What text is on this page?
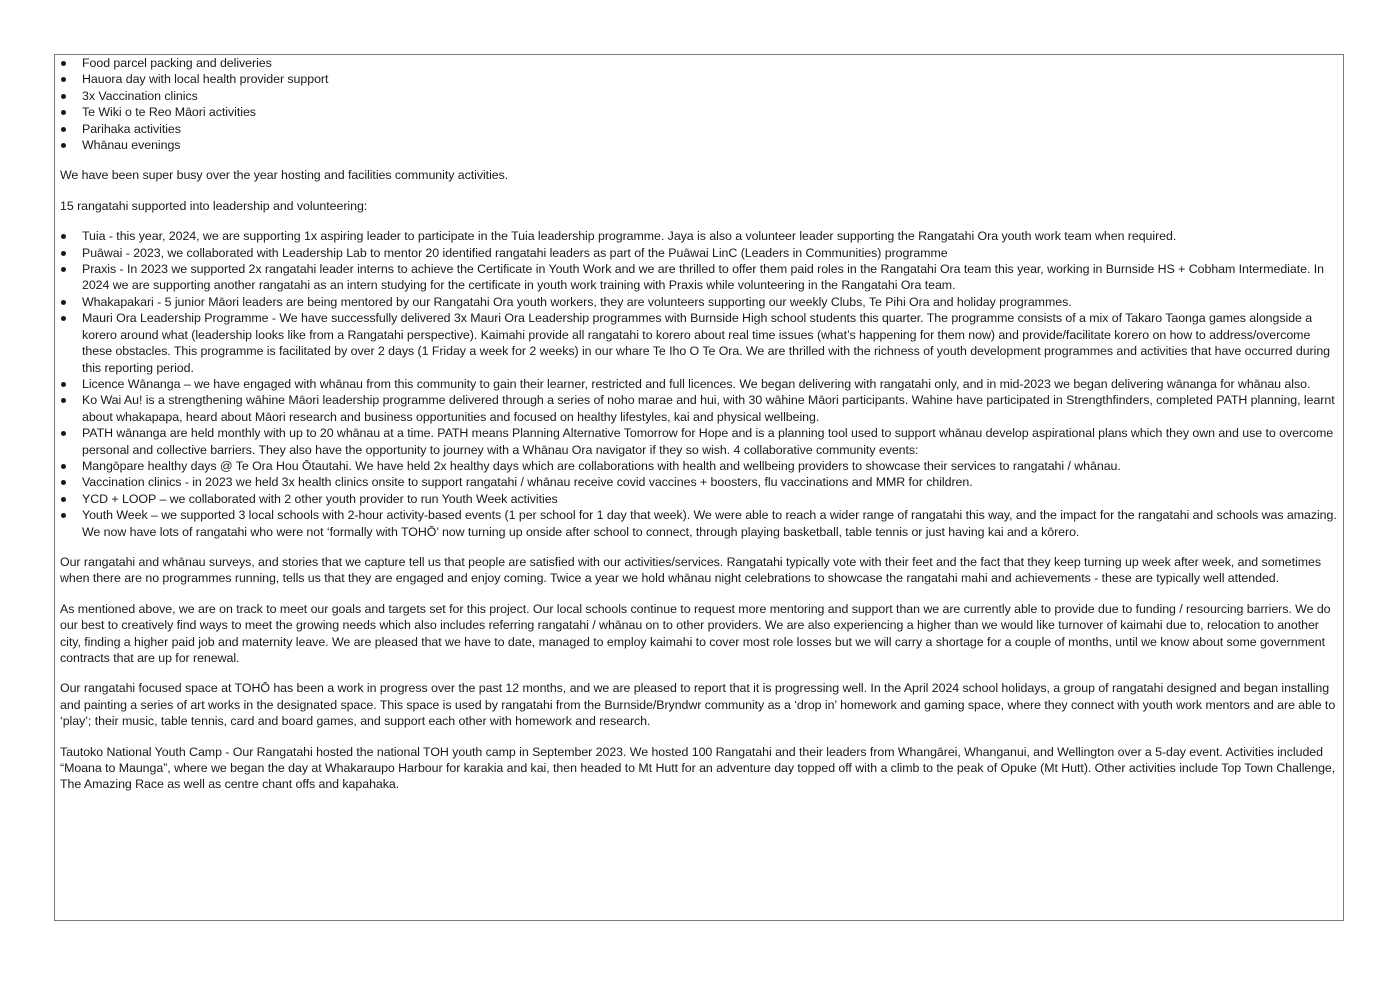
Food parcel packing and deliveries
Hauora day with local health provider support
3x Vaccination clinics
Te Wiki o te Reo Māori activities
Parihaka activities
Whānau evenings

We have been super busy over the year hosting and facilities community activities.

15 rangatahi supported into leadership and volunteering:

Tuia - this year, 2024, we are supporting 1x aspiring leader to participate in the Tuia leadership programme. Jaya is also a volunteer leader supporting the Rangatahi Ora youth work team when required.
Puāwai - 2023, we collaborated with Leadership Lab to mentor 20 identified rangatahi leaders as part of the Puāwai LinC (Leaders in Communities) programme
Praxis - In 2023 we supported 2x rangatahi leader interns to achieve the Certificate in Youth Work and we are thrilled to offer them paid roles in the Rangatahi Ora team this year, working in Burnside HS + Cobham Intermediate. In 2024 we are supporting another rangatahi as an intern studying for the certificate in youth work training with Praxis while volunteering in the Rangatahi Ora team.
Whakapakari - 5 junior Māori leaders are being mentored by our Rangatahi Ora youth workers, they are volunteers supporting our weekly Clubs, Te Pihi Ora and holiday programmes.
Mauri Ora Leadership Programme - We have successfully delivered 3x Mauri Ora Leadership programmes with Burnside High school students this quarter. The programme consists of a mix of Takaro Taonga games alongside a korero around what (leadership looks like from a Rangatahi perspective). Kaimahi provide all rangatahi to korero about real time issues (what’s happening for them now) and provide/facilitate korero on how to address/overcome these obstacles. This programme is facilitated by over 2 days (1 Friday a week for 2 weeks) in our whare Te Iho O Te Ora. We are thrilled with the richness of youth development programmes and activities that have occurred during this reporting period.
Licence Wānanga – we have engaged with whānau from this community to gain their learner, restricted and full licences. We began delivering with rangatahi only, and in mid-2023 we began delivering wānanga for whānau also.
Ko Wai Au! is a strengthening wāhine Māori leadership programme delivered through a series of noho marae and hui, with 30 wāhine Māori participants. Wahine have participated in Strengthfinders, completed PATH planning, learnt about whakapapa, heard about Māori research and business opportunities and focused on healthy lifestyles, kai and physical wellbeing.
PATH wānanga are held monthly with up to 20 whānau at a time. PATH means Planning Alternative Tomorrow for Hope and is a planning tool used to support whānau develop aspirational plans which they own and use to overcome personal and collective barriers. They also have the opportunity to journey with a Whānau Ora navigator if they so wish. 4 collaborative community events:
Mangōpare healthy days @ Te Ora Hou Ōtautahi. We have held 2x healthy days which are collaborations with health and wellbeing providers to showcase their services to rangatahi / whānau.
Vaccination clinics - in 2023 we held 3x health clinics onsite to support rangatahi / whānau receive covid vaccines + boosters, flu vaccinations and MMR for children.
YCD + LOOP – we collaborated with 2 other youth provider to run Youth Week activities
Youth Week – we supported 3 local schools with 2-hour activity-based events (1 per school for 1 day that week). We were able to reach a wider range of rangatahi this way, and the impact for the rangatahi and schools was amazing. We now have lots of rangatahi who were not ‘formally with TOHŌ’ now turning up onside after school to connect, through playing basketball, table tennis or just having kai and a kōrero.

Our rangatahi and whānau surveys, and stories that we capture tell us that people are satisfied with our activities/services. Rangatahi typically vote with their feet and the fact that they keep turning up week after week, and sometimes when there are no programmes running, tells us that they are engaged and enjoy coming. Twice a year we hold whānau night celebrations to showcase the rangatahi mahi and achievements - these are typically well attended.

As mentioned above, we are on track to meet our goals and targets set for this project. Our local schools continue to request more mentoring and support than we are currently able to provide due to funding / resourcing barriers. We do our best to creatively find ways to meet the growing needs which also includes referring rangatahi / whānau on to other providers. We are also experiencing a higher than we would like turnover of kaimahi due to, relocation to another city, finding a higher paid job and maternity leave. We are pleased that we have to date, managed to employ kaimahi to cover most role losses but we will carry a shortage for a couple of months, until we know about some government contracts that are up for renewal.

Our rangatahi focused space at TOHŌ has been a work in progress over the past 12 months, and we are pleased to report that it is progressing well. In the April 2024 school holidays, a group of rangatahi designed and began installing and painting a series of art works in the designated space. This space is used by rangatahi from the Burnside/Bryndwr community as a ‘drop in’ homework and gaming space, where they connect with youth work mentors and are able to ‘play’; their music, table tennis, card and board games, and support each other with homework and research.

Tautoko National Youth Camp - Our Rangatahi hosted the national TOH youth camp in September 2023. We hosted 100 Rangatahi and their leaders from Whangārei, Whanganui, and Wellington over a 5-day event. Activities included “Moana to Maunga”, where we began the day at Whakaraupo Harbour for karakia and kai, then headed to Mt Hutt for an adventure day topped off with a climb to the peak of Opuke (Mt Hutt). Other activities include Top Town Challenge, The Amazing Race as well as centre chant offs and kapahaka.
